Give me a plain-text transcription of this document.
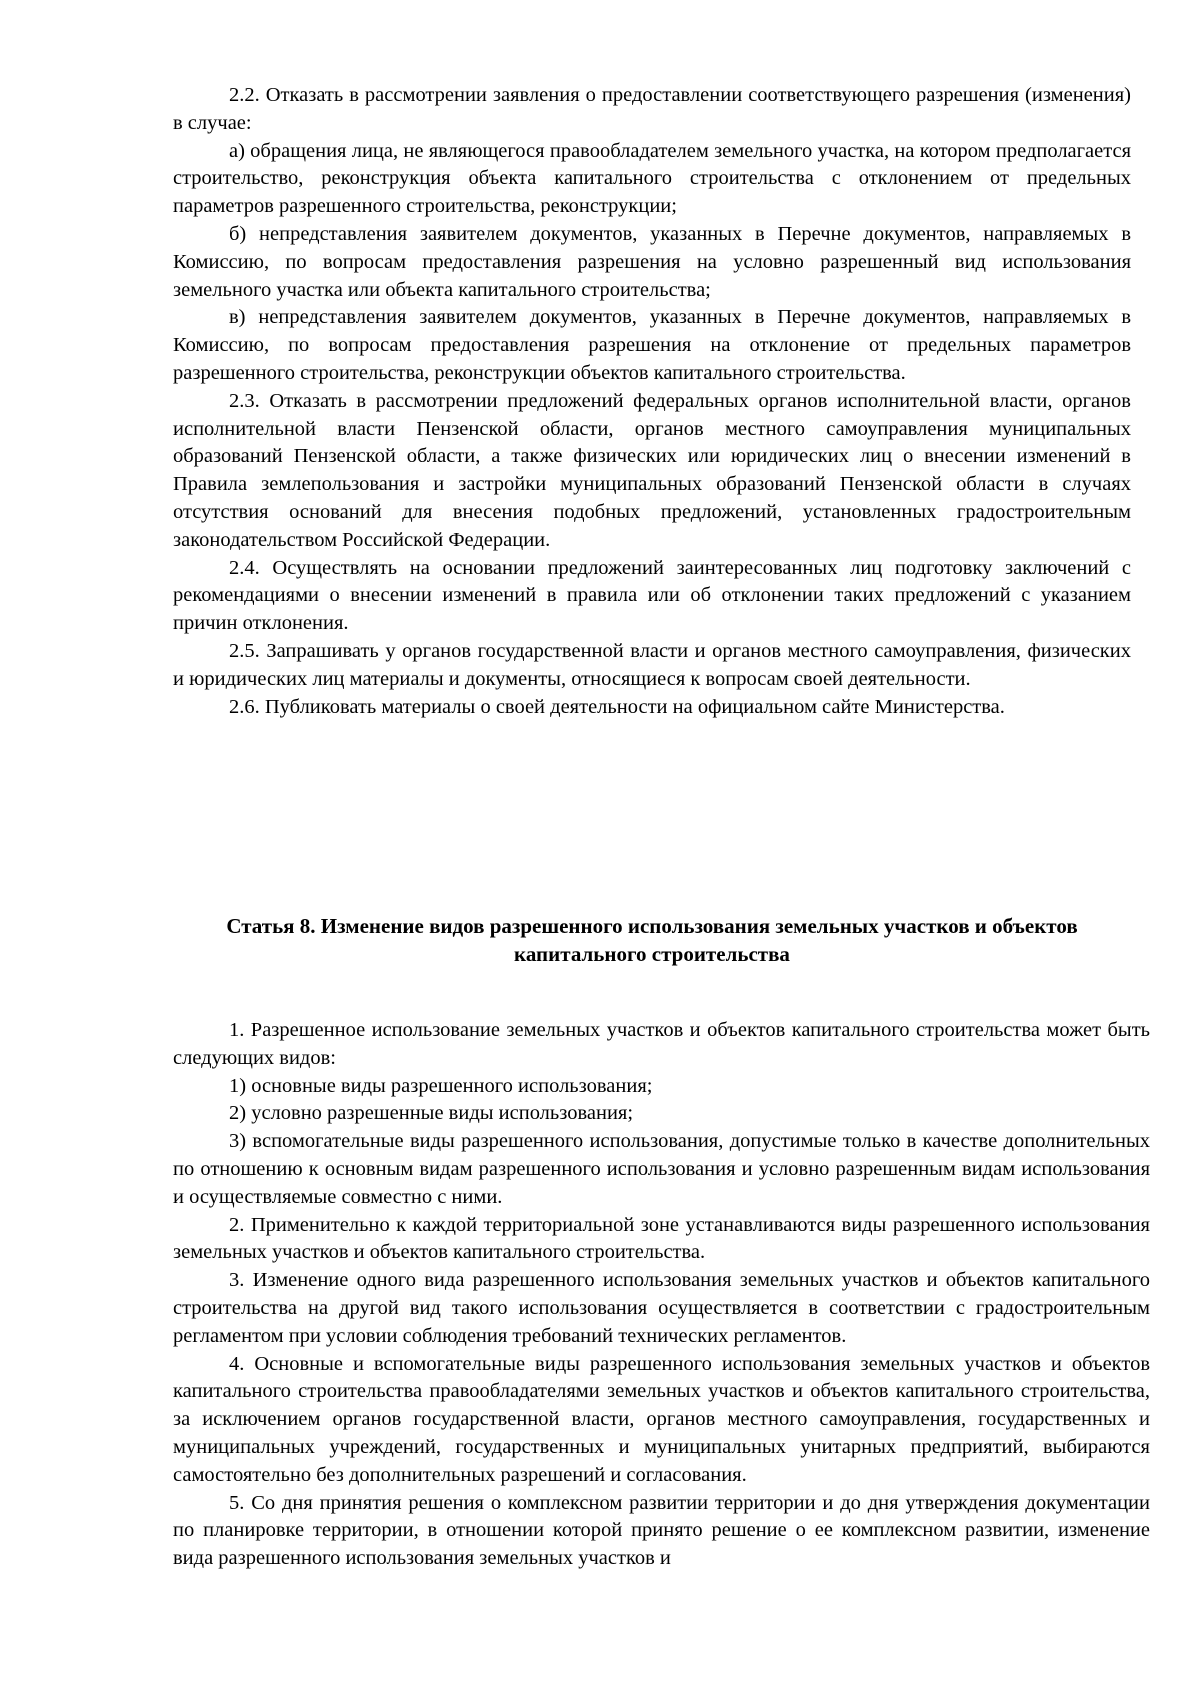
2.2. Отказать в рассмотрении заявления о предоставлении соответствующего разрешения (изменения) в случае:

а) обращения лица, не являющегося правообладателем земельного участка, на котором предполагается строительство, реконструкция объекта капитального строительства с отклонением от предельных параметров разрешенного строительства, реконструкции;

б) непредставления заявителем документов, указанных в Перечне документов, направляемых в Комиссию, по вопросам предоставления разрешения на условно разрешенный вид использования земельного участка или объекта капитального строительства;

в) непредставления заявителем документов, указанных в Перечне документов, направляемых в Комиссию, по вопросам предоставления разрешения на отклонение от предельных параметров разрешенного строительства, реконструкции объектов капитального строительства.

2.3. Отказать в рассмотрении предложений федеральных органов исполнительной власти, органов исполнительной власти Пензенской области, органов местного самоуправления муниципальных образований Пензенской области, а также физических или юридических лиц о внесении изменений в Правила землепользования и застройки муниципальных образований Пензенской области в случаях отсутствия оснований для внесения подобных предложений, установленных градостроительным законодательством Российской Федерации.

2.4. Осуществлять на основании предложений заинтересованных лиц подготовку заключений с рекомендациями о внесении изменений в правила или об отклонении таких предложений с указанием причин отклонения.

2.5. Запрашивать у органов государственной власти и органов местного самоуправления, физических и юридических лиц материалы и документы, относящиеся к вопросам своей деятельности.

2.6. Публиковать материалы о своей деятельности на официальном сайте Министерства.

Статья 8. Изменение видов разрешенного использования земельных участков и объектов капитального строительства

1. Разрешенное использование земельных участков и объектов капитального строительства может быть следующих видов:

1) основные виды разрешенного использования;

2) условно разрешенные виды использования;

3) вспомогательные виды разрешенного использования, допустимые только в качестве дополнительных по отношению к основным видам разрешенного использования и условно разрешенным видам использования и осуществляемые совместно с ними.

2. Применительно к каждой территориальной зоне устанавливаются виды разрешенного использования земельных участков и объектов капитального строительства.

3. Изменение одного вида разрешенного использования земельных участков и объектов капитального строительства на другой вид такого использования осуществляется в соответствии с градостроительным регламентом при условии соблюдения требований технических регламентов.

4. Основные и вспомогательные виды разрешенного использования земельных участков и объектов капитального строительства правообладателями земельных участков и объектов капитального строительства, за исключением органов государственной власти, органов местного самоуправления, государственных и муниципальных учреждений, государственных и муниципальных унитарных предприятий, выбираются самостоятельно без дополнительных разрешений и согласования.

5. Со дня принятия решения о комплексном развитии территории и до дня утверждения документации по планировке территории, в отношении которой принято решение о ее комплексном развитии, изменение вида разрешенного использования земельных участков и
